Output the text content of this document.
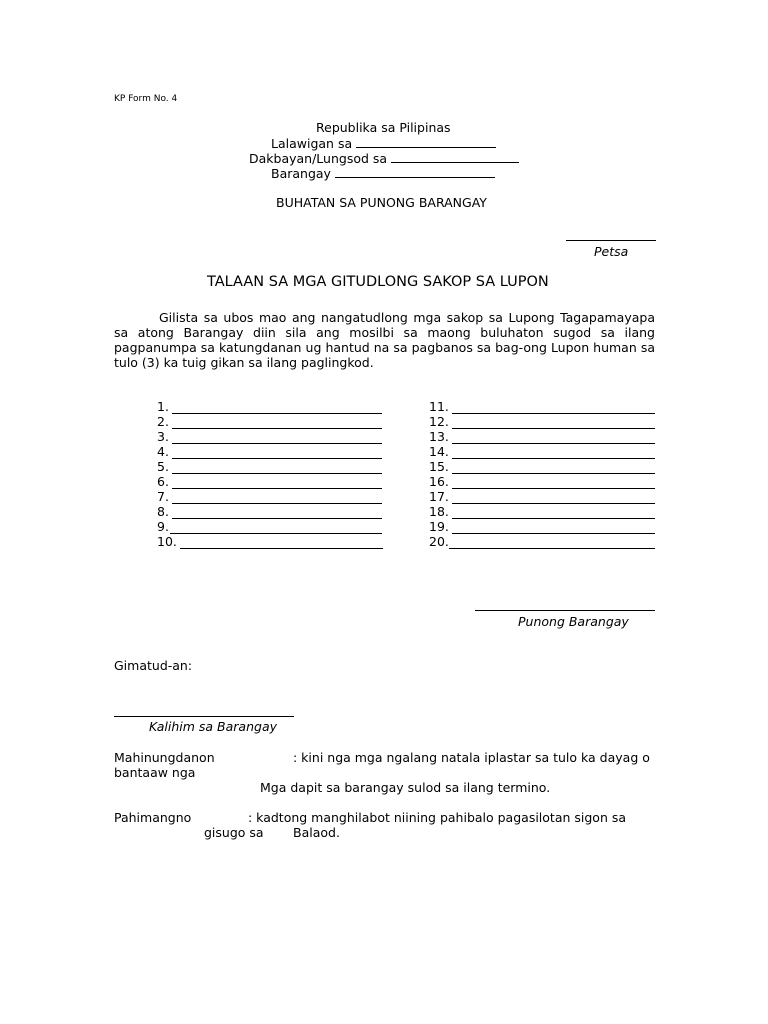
KP Form No. 4
Republika sa Pilipinas
Lalawigan sa
Dakbayan/Lungsod sa
Barangay
BUHATAN SA PUNONG BARANGAY
Petsa
TALAAN SA MGA GITUDLONG SAKOP SA LUPON
Gilista sa ubos mao ang nangatudlong mga sakop sa Lupong Tagapamayapa sa atong Barangay diin sila ang mosilbi sa maong buluhaton sugod sa ilang pagpanumpa sa katungdanan ug hantud na sa pagbanos sa bag-ong Lupon human sa tulo (3) ka tuig gikan sa ilang paglingkod.
1.
2.
3.
4.
5.
6.
7.
8.
9.
10.
11.
12.
13.
14.
15.
16.
17.
18.
19.
20.
Punong Barangay
Gimatud-an:
Kalihim sa Barangay
Mahinungdanon	: kini nga mga ngalang natala iplastar sa tulo ka dayag o
bantaaw nga
Mga dapit sa barangay sulod sa ilang termino.
Pahimangno	: kadtong manghilabot niining pahibalo pagasilotan sigon sa
gisugo sa Balaod.
